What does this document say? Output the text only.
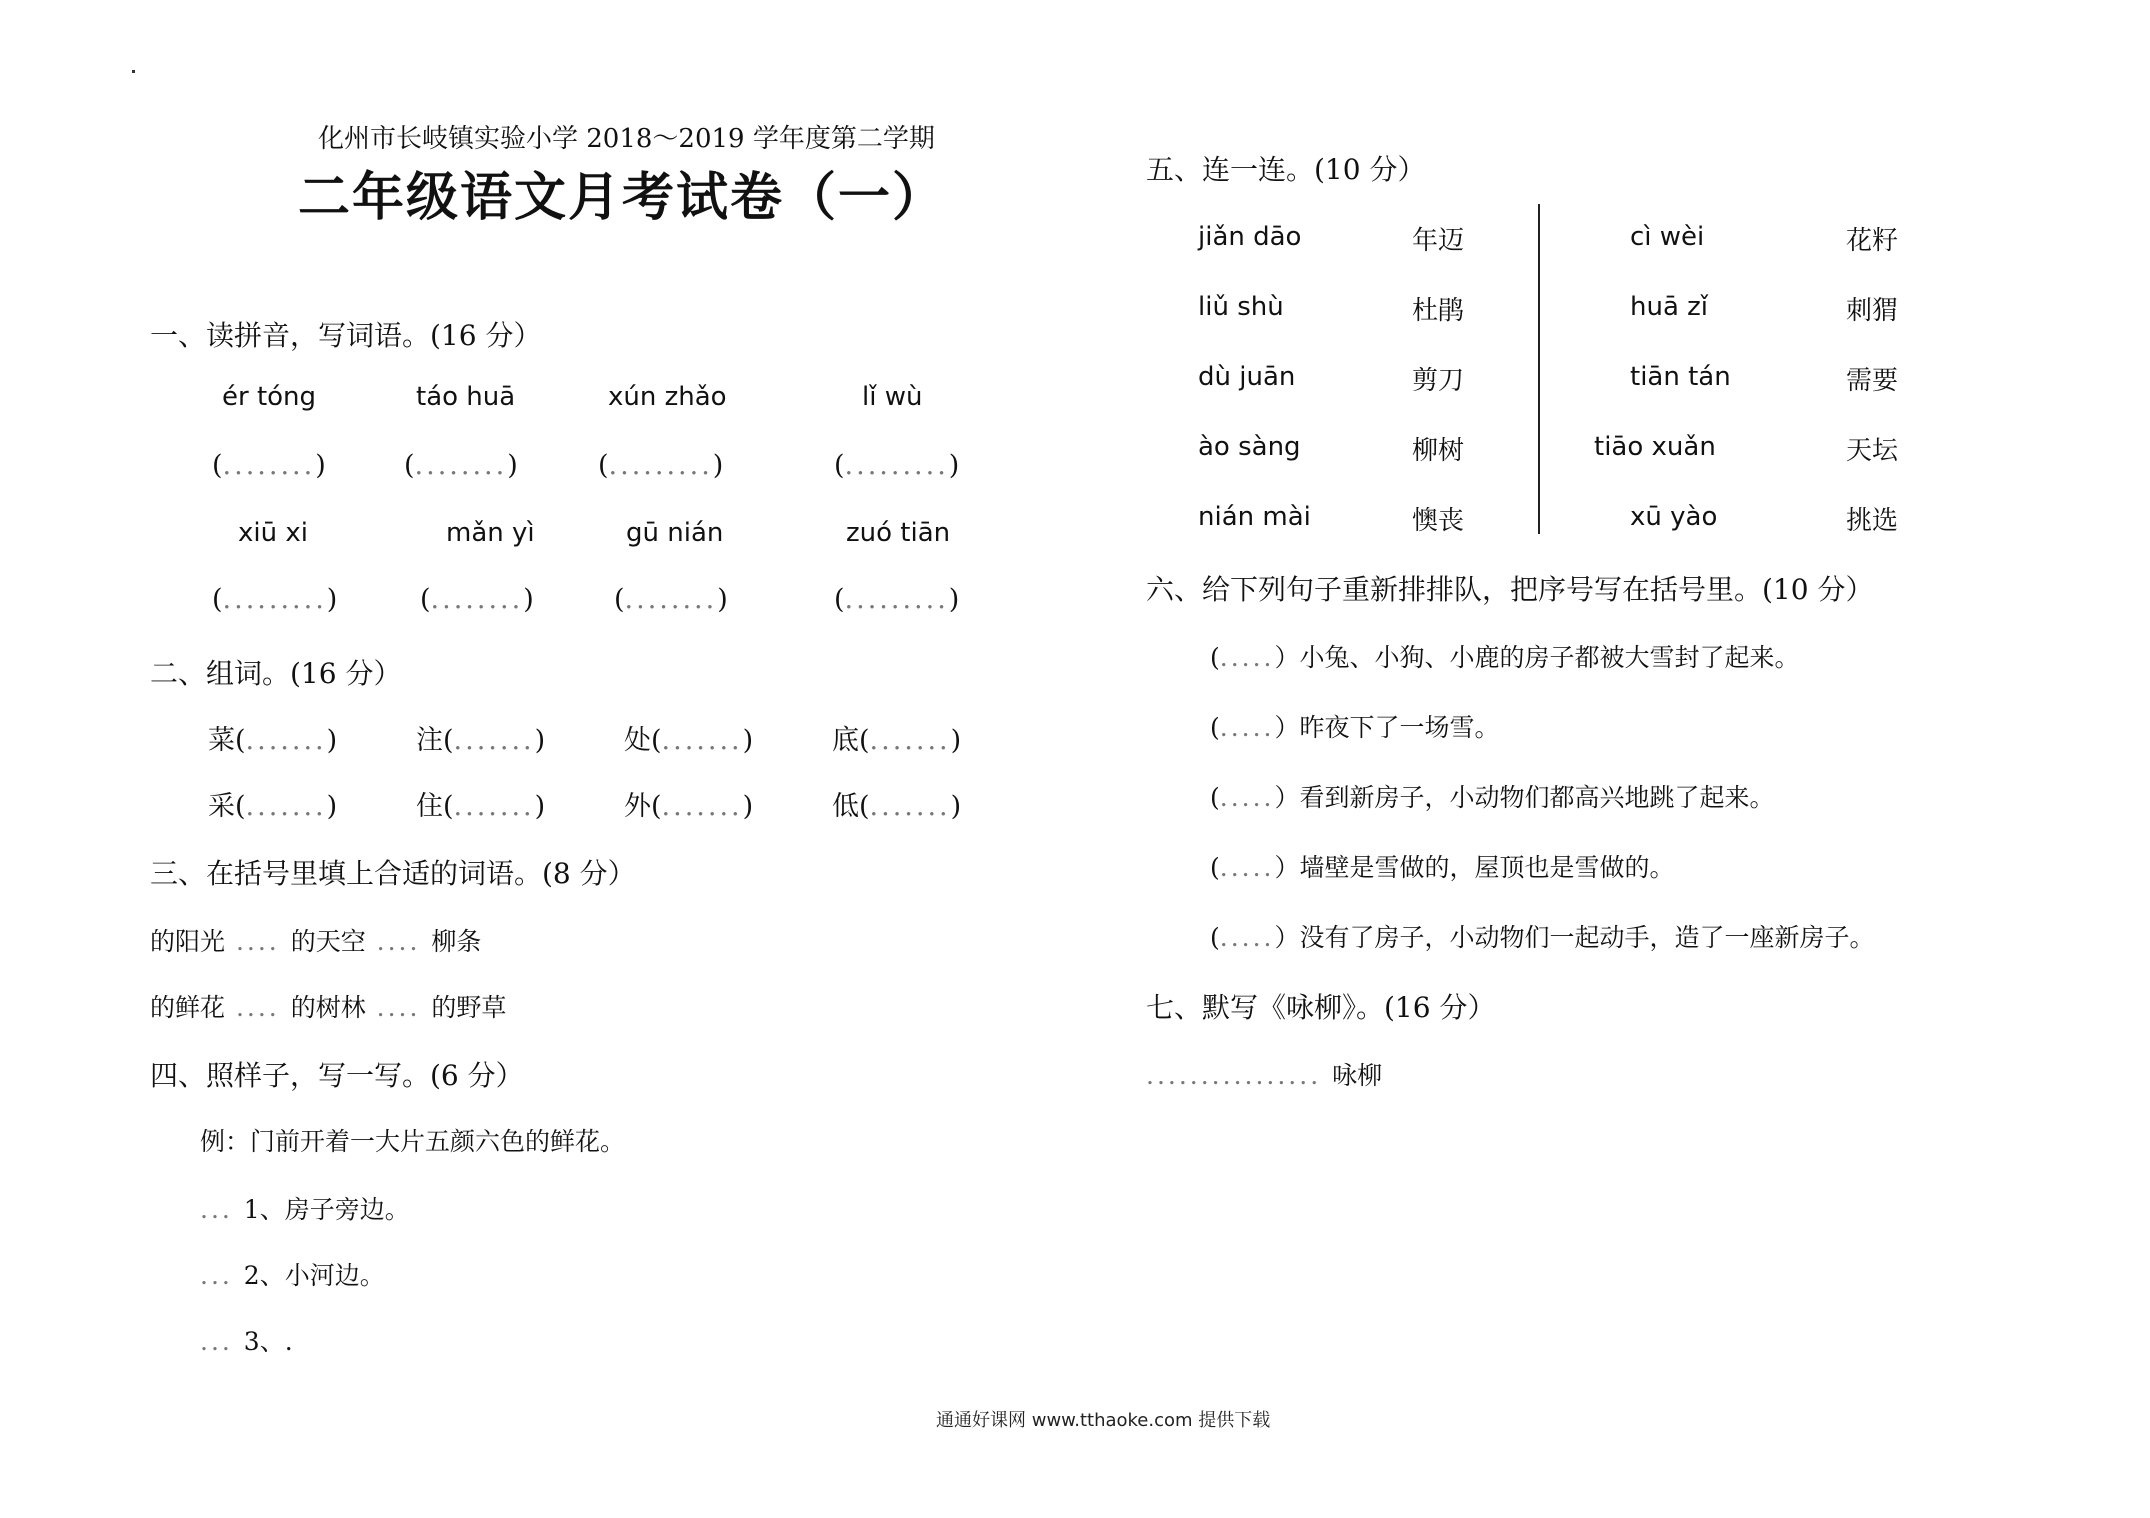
化州市长岐镇实验小学 2018～2019 学年度第二学期
二年级语文月考试卷（一）
一、读拼音，写词语。(16 分）
ér tóng	táo huā	xún zhǎo	lǐ wù
(........)	(........)	(.........)	(.........)
xiū xi	mǎn yì	gū nián	zuó tiān
(.........)	(........)	(........)	(.........)
二、组词。(16 分）
菜(.......)	注(.......)	处(.......)	底(.......)
采(.......)	住(.......)	外(.......)	低(.......)
三、在括号里填上合适的词语。(8 分）
的阳光 .... 的天空 .... 柳条
的鲜花 .... 的树林 .... 的野草
四、照样子，写一写。(6 分）
例：门前开着一大片五颜六色的鲜花。
... 1、房子旁边。
... 2、小河边。
... 3、.
五、连一连。(10 分）
jiǎn dāo	年迈
liǔ shù	杜鹃
dù juān	剪刀
ào sàng	柳树
nián mài	懊丧
cì wèi	花籽
huā zǐ	刺猬
tiān tán	需要
tiāo xuǎn	天坛
xū yào	挑选
六、给下列句子重新排排队，把序号写在括号里。(10 分）
(.....）小兔、小狗、小鹿的房子都被大雪封了起来。
(.....）昨夜下了一场雪。
(.....）看到新房子，小动物们都高兴地跳了起来。
(.....）墙壁是雪做的，屋顶也是雪做的。
(.....）没有了房子，小动物们一起动手，造了一座新房子。
七、默写《咏柳》。(16 分）
................ 咏柳
通通好课网 www.tthaoke.com 提供下载
